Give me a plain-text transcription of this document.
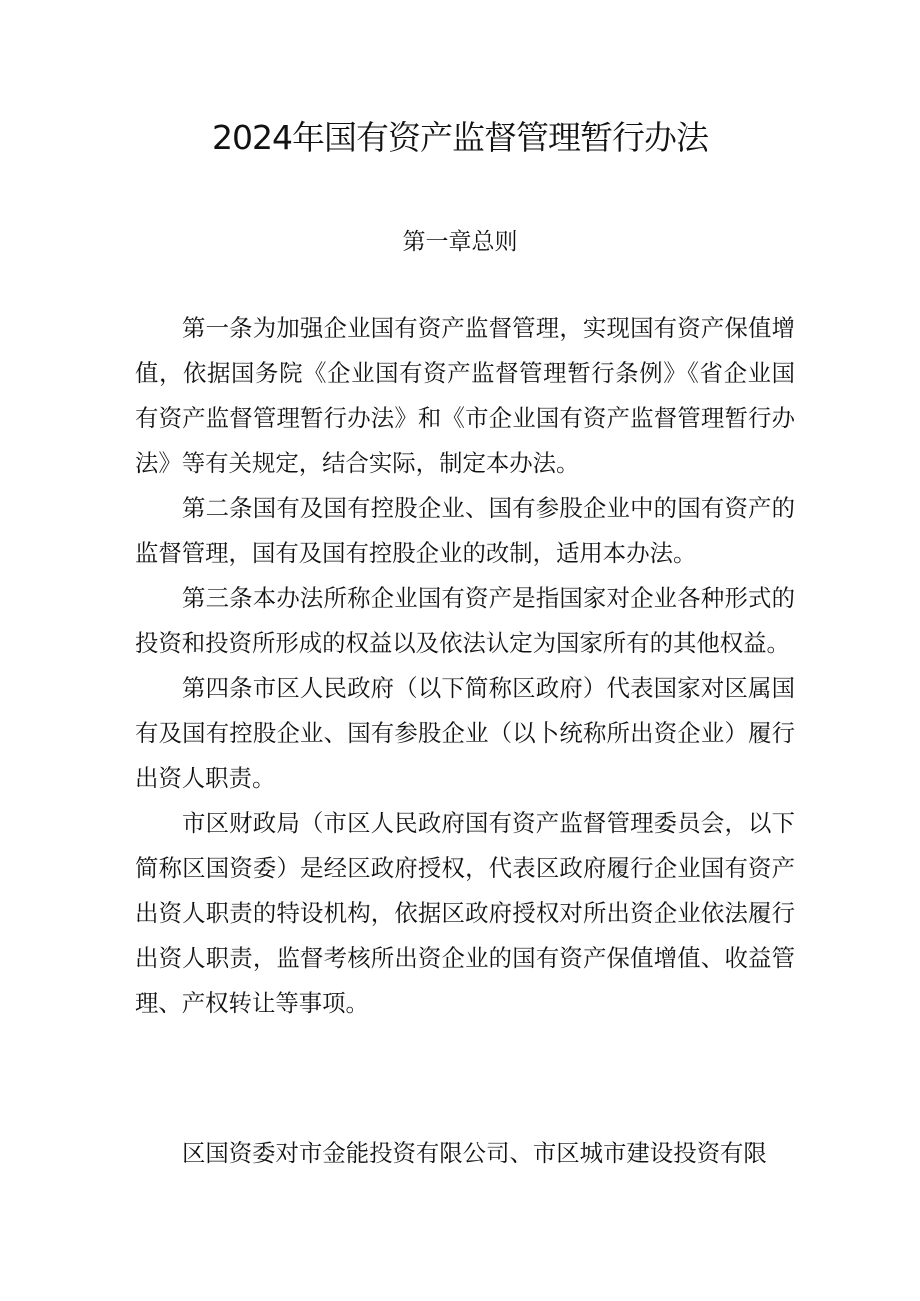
2024年国有资产监督管理暂行办法
第一章总则

第一条为加强企业国有资产监督管理，实现国有资产保值增值，依据国务院《企业国有资产监督管理暂行条例》《省企业国有资产监督管理暂行办法》和《市企业国有资产监督管理暂行办法》等有关规定，结合实际，制定本办法。

第二条国有及国有控股企业、国有参股企业中的国有资产的监督管理，国有及国有控股企业的改制，适用本办法。

第三条本办法所称企业国有资产是指国家对企业各种形式的投资和投资所形成的权益以及依法认定为国家所有的其他权益。

第四条市区人民政府（以下简称区政府）代表国家对区属国有及国有控股企业、国有参股企业（以卜统称所出资企业）履行出资人职责。

市区财政局（市区人民政府国有资产监督管理委员会，以下简称区国资委）是经区政府授权，代表区政府履行企业国有资产出资人职责的特设机构，依据区政府授权对所出资企业依法履行出资人职责，监督考核所出资企业的国有资产保值增值、收益管理、产权转让等事项。

区国资委对市金能投资有限公司、市区城市建设投资有限
